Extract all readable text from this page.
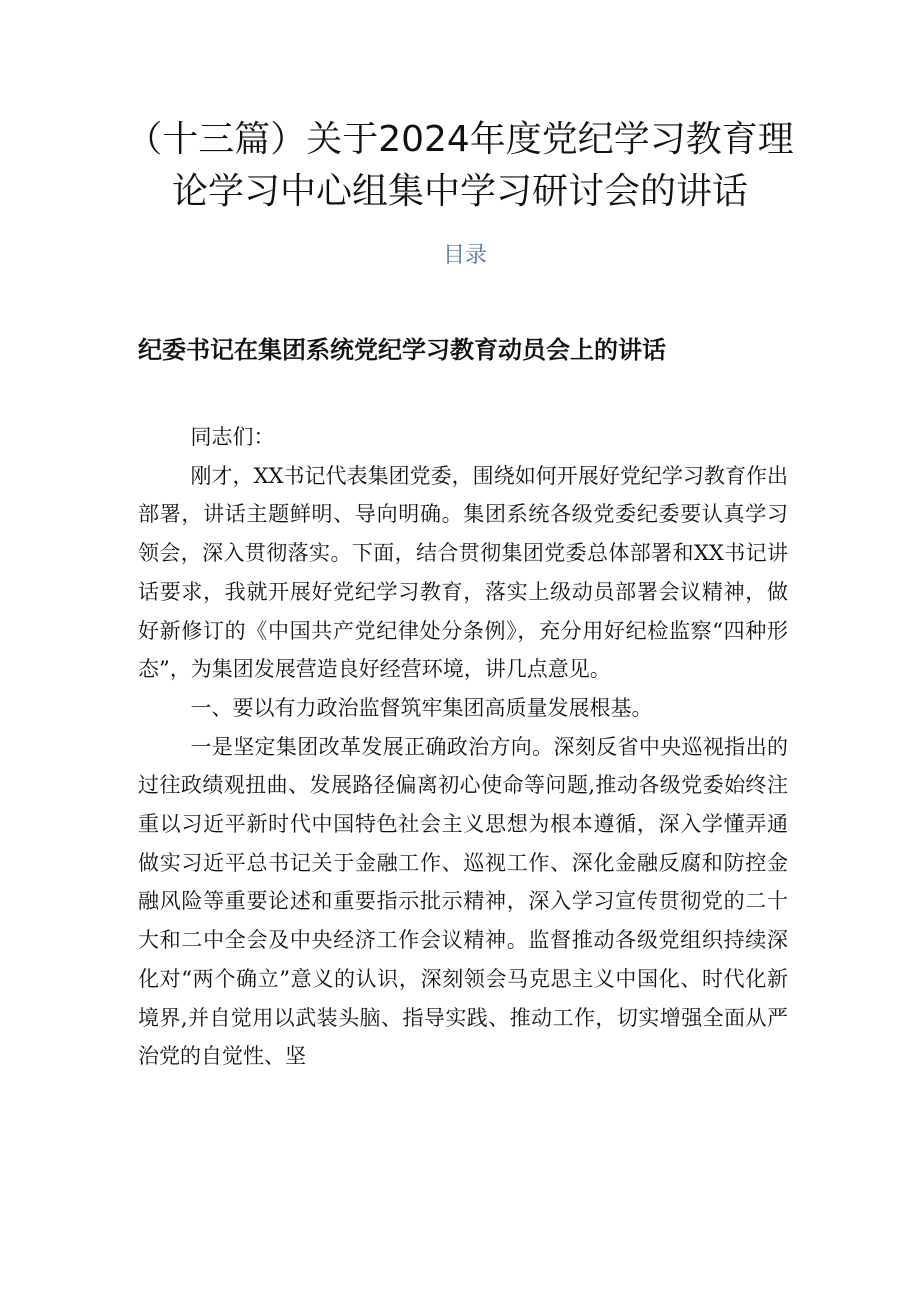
（十三篇）关于2024年度党纪学习教育理
论学习中心组集中学习研讨会的讲话
目录
纪委书记在集团系统党纪学习教育动员会上的讲话

同志们：

刚才，XX书记代表集团党委，围绕如何开展好党纪学习教育作出部署，讲话主题鲜明、导向明确。集团系统各级党委纪委要认真学习领会，深入贯彻落实。下面，结合贯彻集团党委总体部署和XX书记讲话要求，我就开展好党纪学习教育，落实上级动员部署会议精神，做好新修订的《中国共产党纪律处分条例》，充分用好纪检监察“四种形态”，为集团发展营造良好经营环境，讲几点意见。

一、要以有力政治监督筑牢集团高质量发展根基。

一是坚定集团改革发展正确政治方向。深刻反省中央巡视指出的过往政绩观扭曲、发展路径偏离初心使命等问题,推动各级党委始终注重以习近平新时代中国特色社会主义思想为根本遵循，深入学懂弄通做实习近平总书记关于金融工作、巡视工作、深化金融反腐和防控金融风险等重要论述和重要指示批示精神，深入学习宣传贯彻党的二十大和二中全会及中央经济工作会议精神。监督推动各级党组织持续深化对“两个确立”意义的认识，深刻领会马克思主义中国化、时代化新境界,并自觉用以武装头脑、指导实践、推动工作，切实增强全面从严治党的自觉性、坚
